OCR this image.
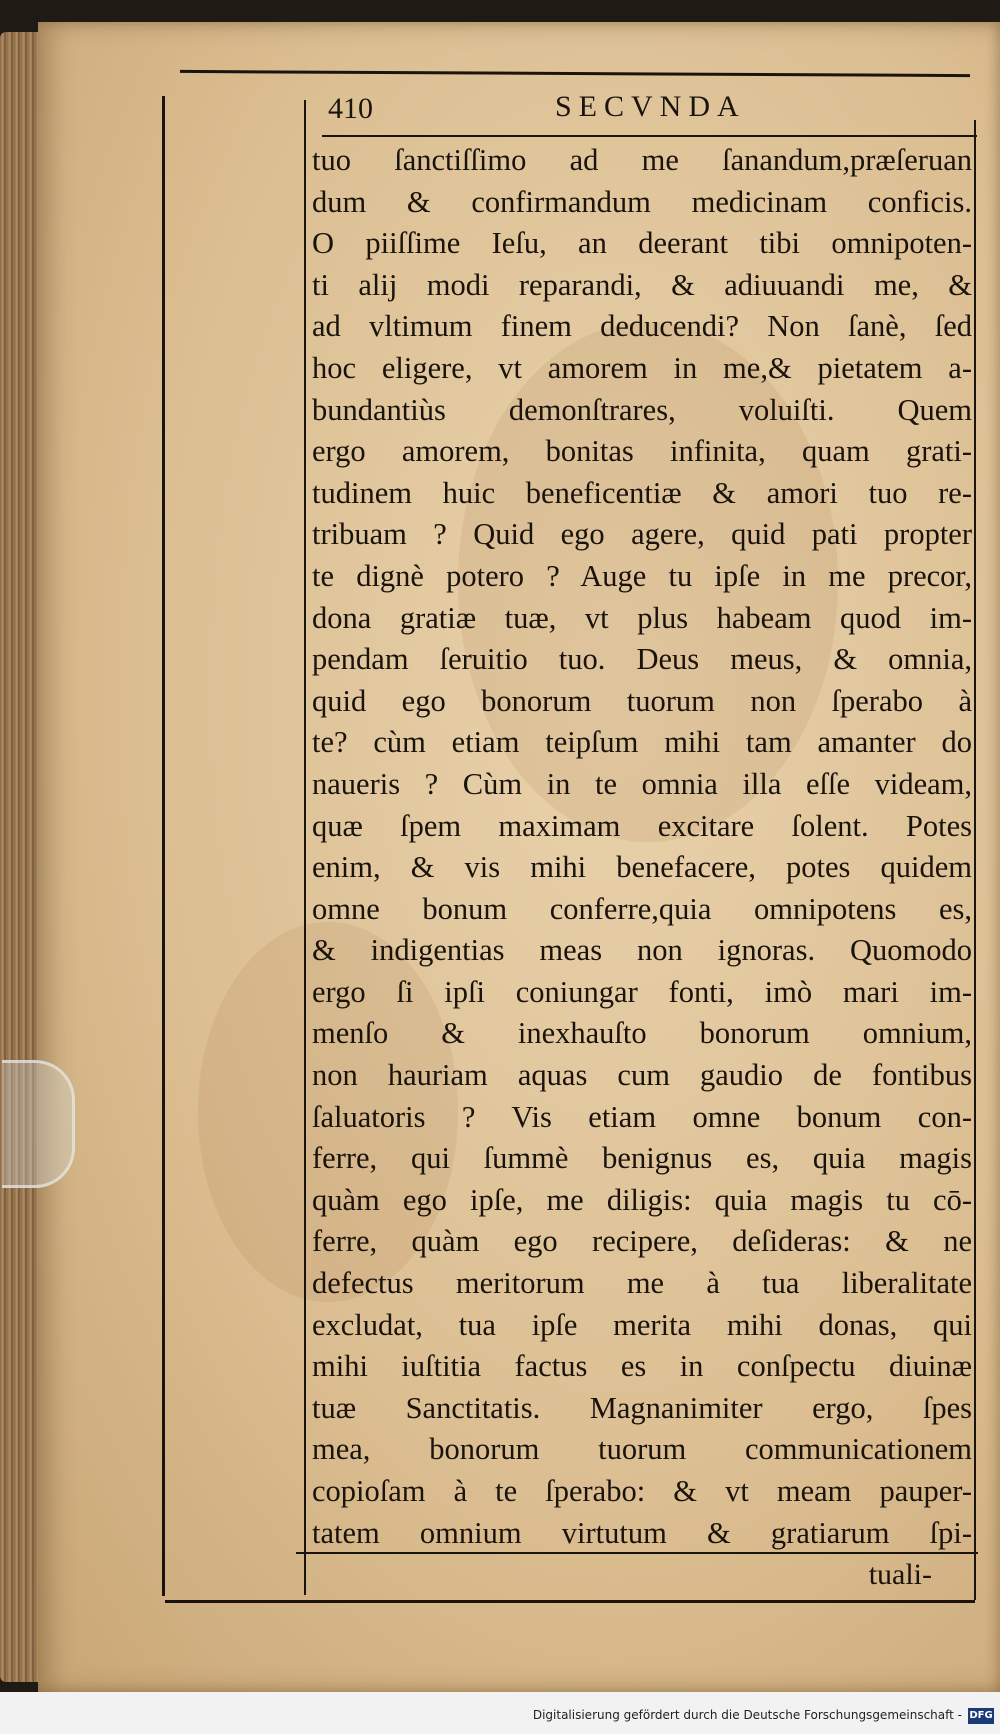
410	SECVNDA
tuo ſanctiſſimo ad me ſanandum,præſeruan
dum & confirmandum medicinam conficis.
O piiſſime Ieſu, an deerant tibi omnipoten-
ti alij modi reparandi, & adiuuandi me, &
ad vltimum finem deducendi? Non ſanè, ſed
hoc eligere, vt amorem in me,& pietatem a-
bundantiùs demonſtrares, voluiſti. Quem
ergo amorem, bonitas infinita, quam grati-
tudinem huic beneficentiæ & amori tuo re-
tribuam ? Quid ego agere, quid pati propter
te dignè potero ? Auge tu ipſe in me precor,
dona gratiæ tuæ, vt plus habeam quod im-
pendam ſeruitio tuo. Deus meus, & omnia,
quid ego bonorum tuorum non ſperabo à
te? cùm etiam teipſum mihi tam amanter do
naueris ? Cùm in te omnia illa eſſe videam,
quæ ſpem maximam excitare ſolent. Potes
enim, & vis mihi benefacere, potes quidem
omne bonum conferre,quia omnipotens es,
& indigentias meas non ignoras. Quomodo
ergo ſi ipſi coniungar fonti, imò mari im-
menſo & inexhauſto bonorum omnium,
non hauriam aquas cum gaudio de fontibus
ſaluatoris ? Vis etiam omne bonum con-
ferre, qui ſummè benignus es, quia magis
quàm ego ipſe, me diligis: quia magis tu cō-
ferre, quàm ego recipere, deſideras: & ne
defectus meritorum me à tua liberalitate
excludat, tua ipſe merita mihi donas, qui
mihi iuſtitia factus es in conſpectu diuinæ
tuæ Sanctitatis. Magnanimiter ergo, ſpes
mea, bonorum tuorum communicationem
copioſam à te ſperabo: & vt meam pauper-
tatem omnium virtutum & gratiarum ſpi-
tuali-
Digitalisierung gefördert durch die Deutsche Forschungsgemeinschaft - DFG
